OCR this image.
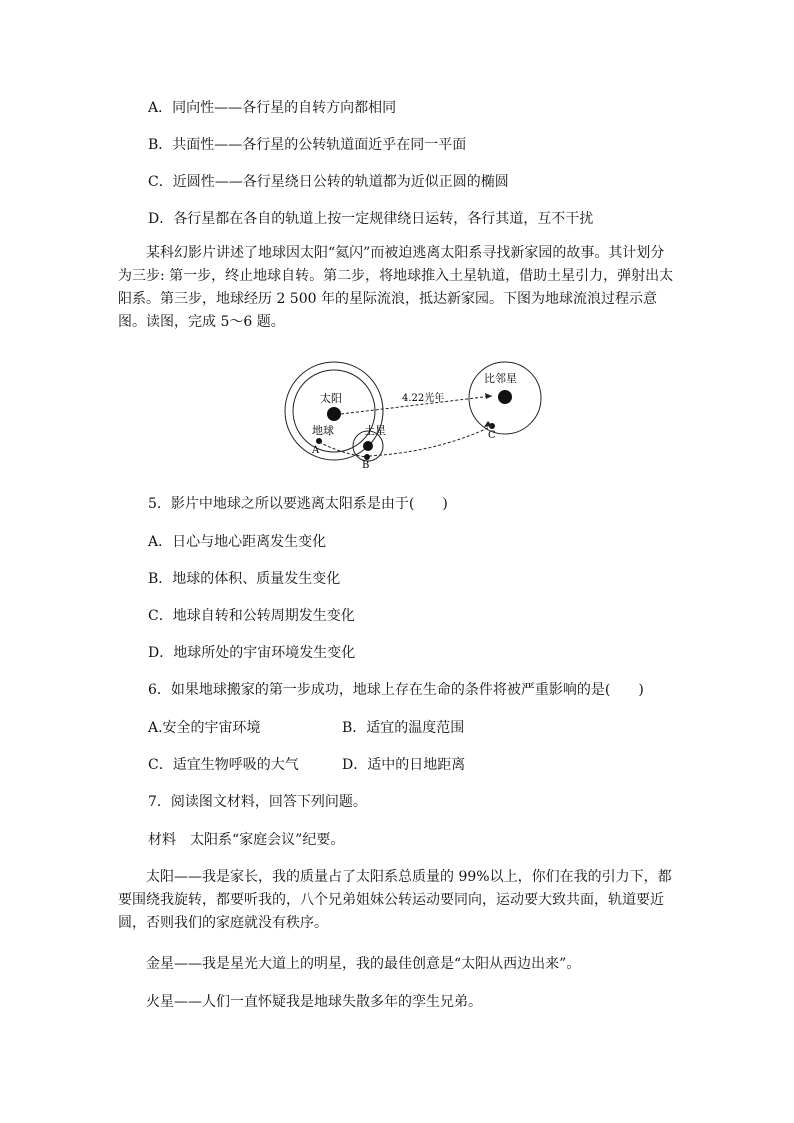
A．同向性——各行星的自转方向都相同
B．共面性——各行星的公转轨道面近乎在同一平面
C．近圆性——各行星绕日公转的轨道都为近似正圆的椭圆
D．各行星都在各自的轨道上按一定规律绕日运转，各行其道，互不干扰
某科幻影片讲述了地球因太阳“氦闪”而被迫逃离太阳系寻找新家园的故事。其计划分为三步: 第一步，终止地球自转。第二步，将地球推入土星轨道，借助土星引力，弹射出太阳系。第三步，地球经历 2 500 年的星际流浪，抵达新家园。下图为地球流浪过程示意图。读图，完成 5～6 题。
太阳
地球	土星
比邻星
4.22光年
A
B
C
5．影片中地球之所以要逃离太阳系是由于(　　)
A．日心与地心距离发生变化
B．地球的体积、质量发生变化
C．地球自转和公转周期发生变化
D．地球所处的宇宙环境发生变化
6．如果地球搬家的第一步成功，地球上存在生命的条件将被严重影响的是(　　)
A.安全的宇宙环境	B．适宜的温度范围
C．适宜生物呼吸的大气	D．适中的日地距离
7．阅读图文材料，回答下列问题。
材料　太阳系“家庭会议”纪要。
太阳——我是家长，我的质量占了太阳系总质量的 99%以上，你们在我的引力下，都要围绕我旋转，都要听我的，八个兄弟姐妹公转运动要同向，运动要大致共面，轨道要近圆，否则我们的家庭就没有秩序。
金星——我是星光大道上的明星，我的最佳创意是“太阳从西边出来”。
火星——人们一直怀疑我是地球失散多年的孪生兄弟。
